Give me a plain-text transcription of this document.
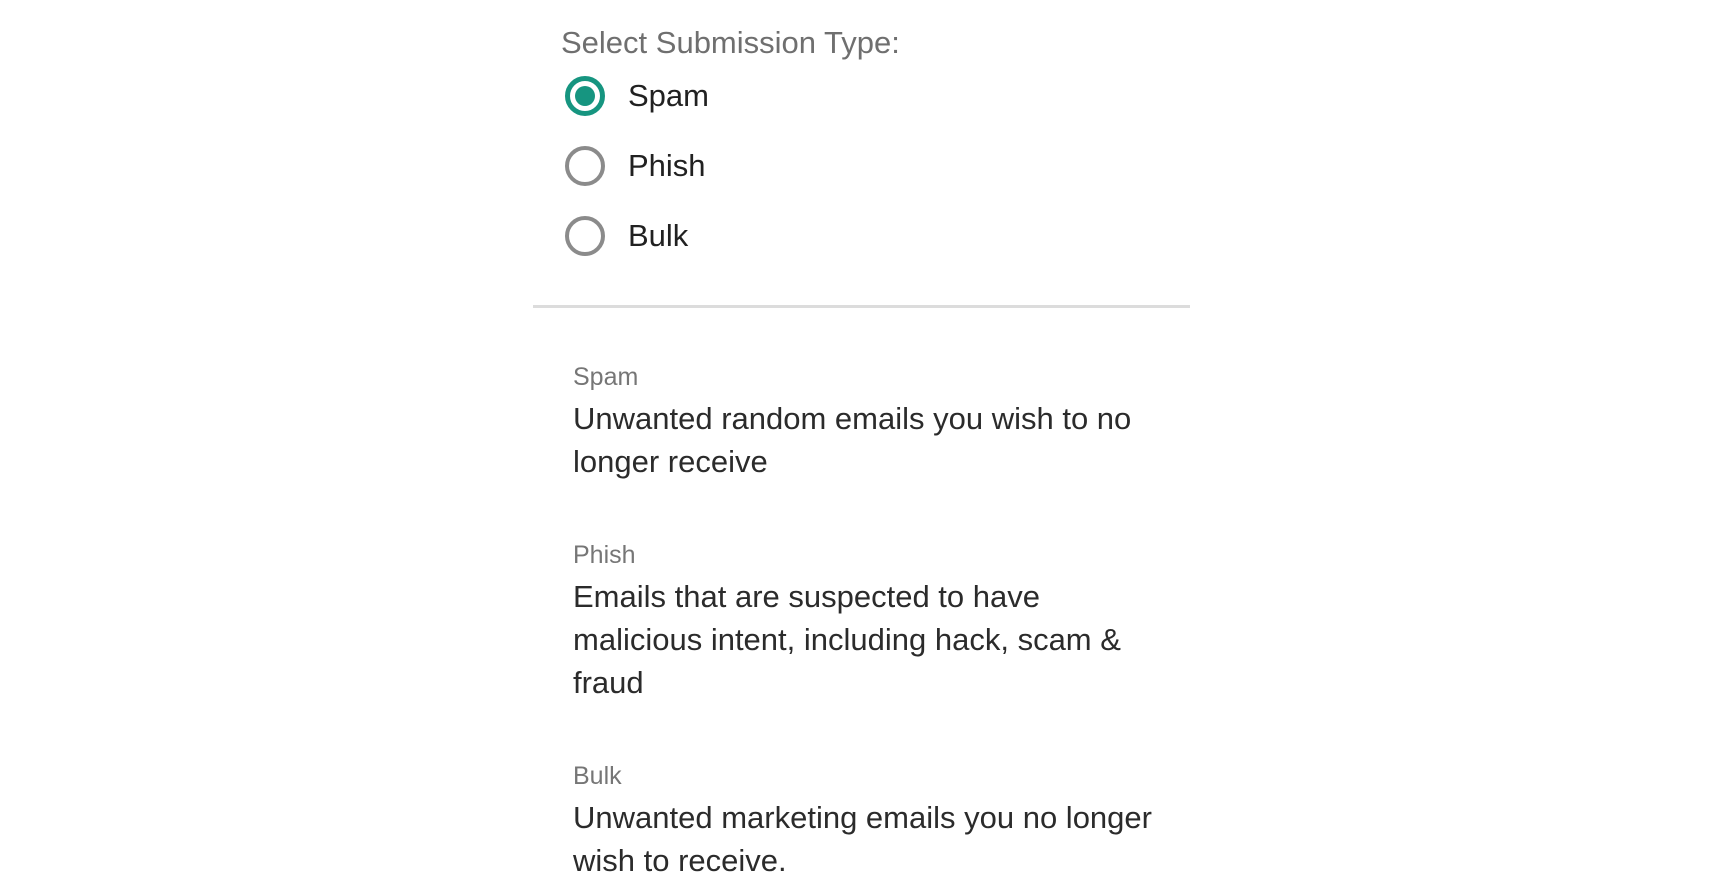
Select Submission Type:
Spam
Phish
Bulk
Spam
Unwanted random emails you wish to no longer receive
Phish
Emails that are suspected to have malicious intent, including hack, scam & fraud
Bulk
Unwanted marketing emails you no longer wish to receive.
